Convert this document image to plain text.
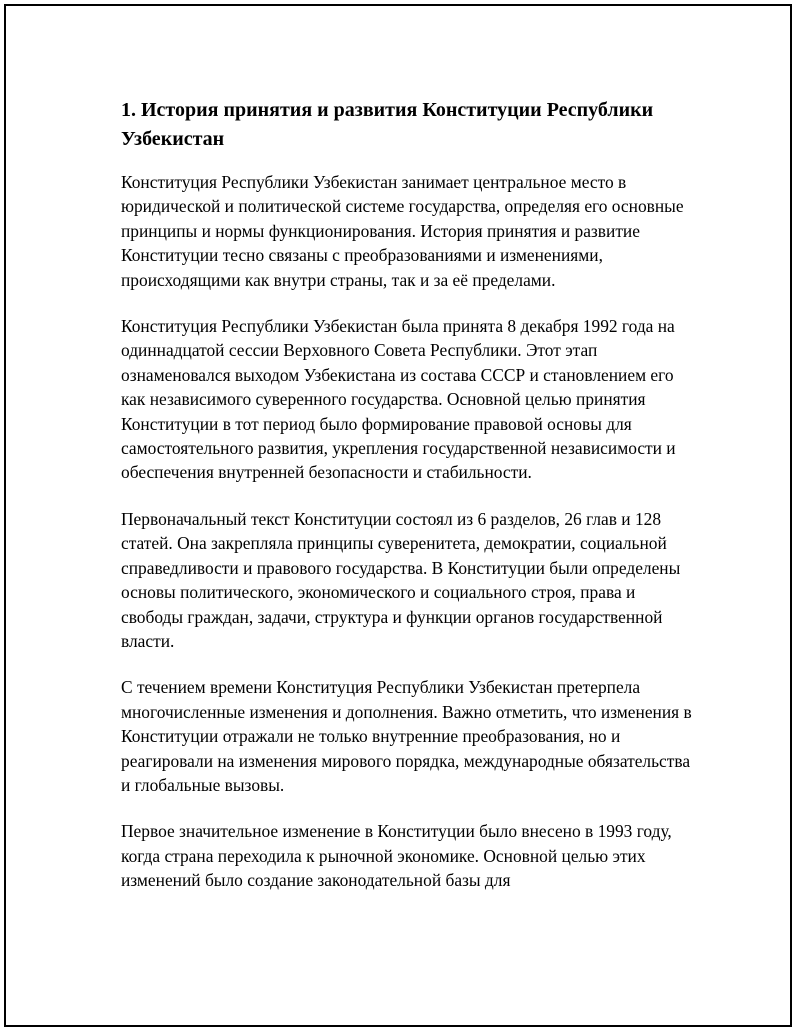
1. История принятия и развития Конституции Республики Узбекистан

Конституция Республики Узбекистан занимает центральное место в юридической и политической системе государства, определяя его основные принципы и нормы функционирования. История принятия и развитие Конституции тесно связаны с преобразованиями и изменениями, происходящими как внутри страны, так и за её пределами.

Конституция Республики Узбекистан была принята 8 декабря 1992 года на одиннадцатой сессии Верховного Совета Республики. Этот этап ознаменовался выходом Узбекистана из состава СССР и становлением его как независимого суверенного государства. Основной целью принятия Конституции в тот период было формирование правовой основы для самостоятельного развития, укрепления государственной независимости и обеспечения внутренней безопасности и стабильности.

Первоначальный текст Конституции состоял из 6 разделов, 26 глав и 128 статей. Она закрепляла принципы суверенитета, демократии, социальной справедливости и правового государства. В Конституции были определены основы политического, экономического и социального строя, права и свободы граждан, задачи, структура и функции органов государственной власти.

С течением времени Конституция Республики Узбекистан претерпела многочисленные изменения и дополнения. Важно отметить, что изменения в Конституции отражали не только внутренние преобразования, но и реагировали на изменения мирового порядка, международные обязательства и глобальные вызовы.

Первое значительное изменение в Конституции было внесено в 1993 году, когда страна переходила к рыночной экономике. Основной целью этих изменений было создание законодательной базы для
